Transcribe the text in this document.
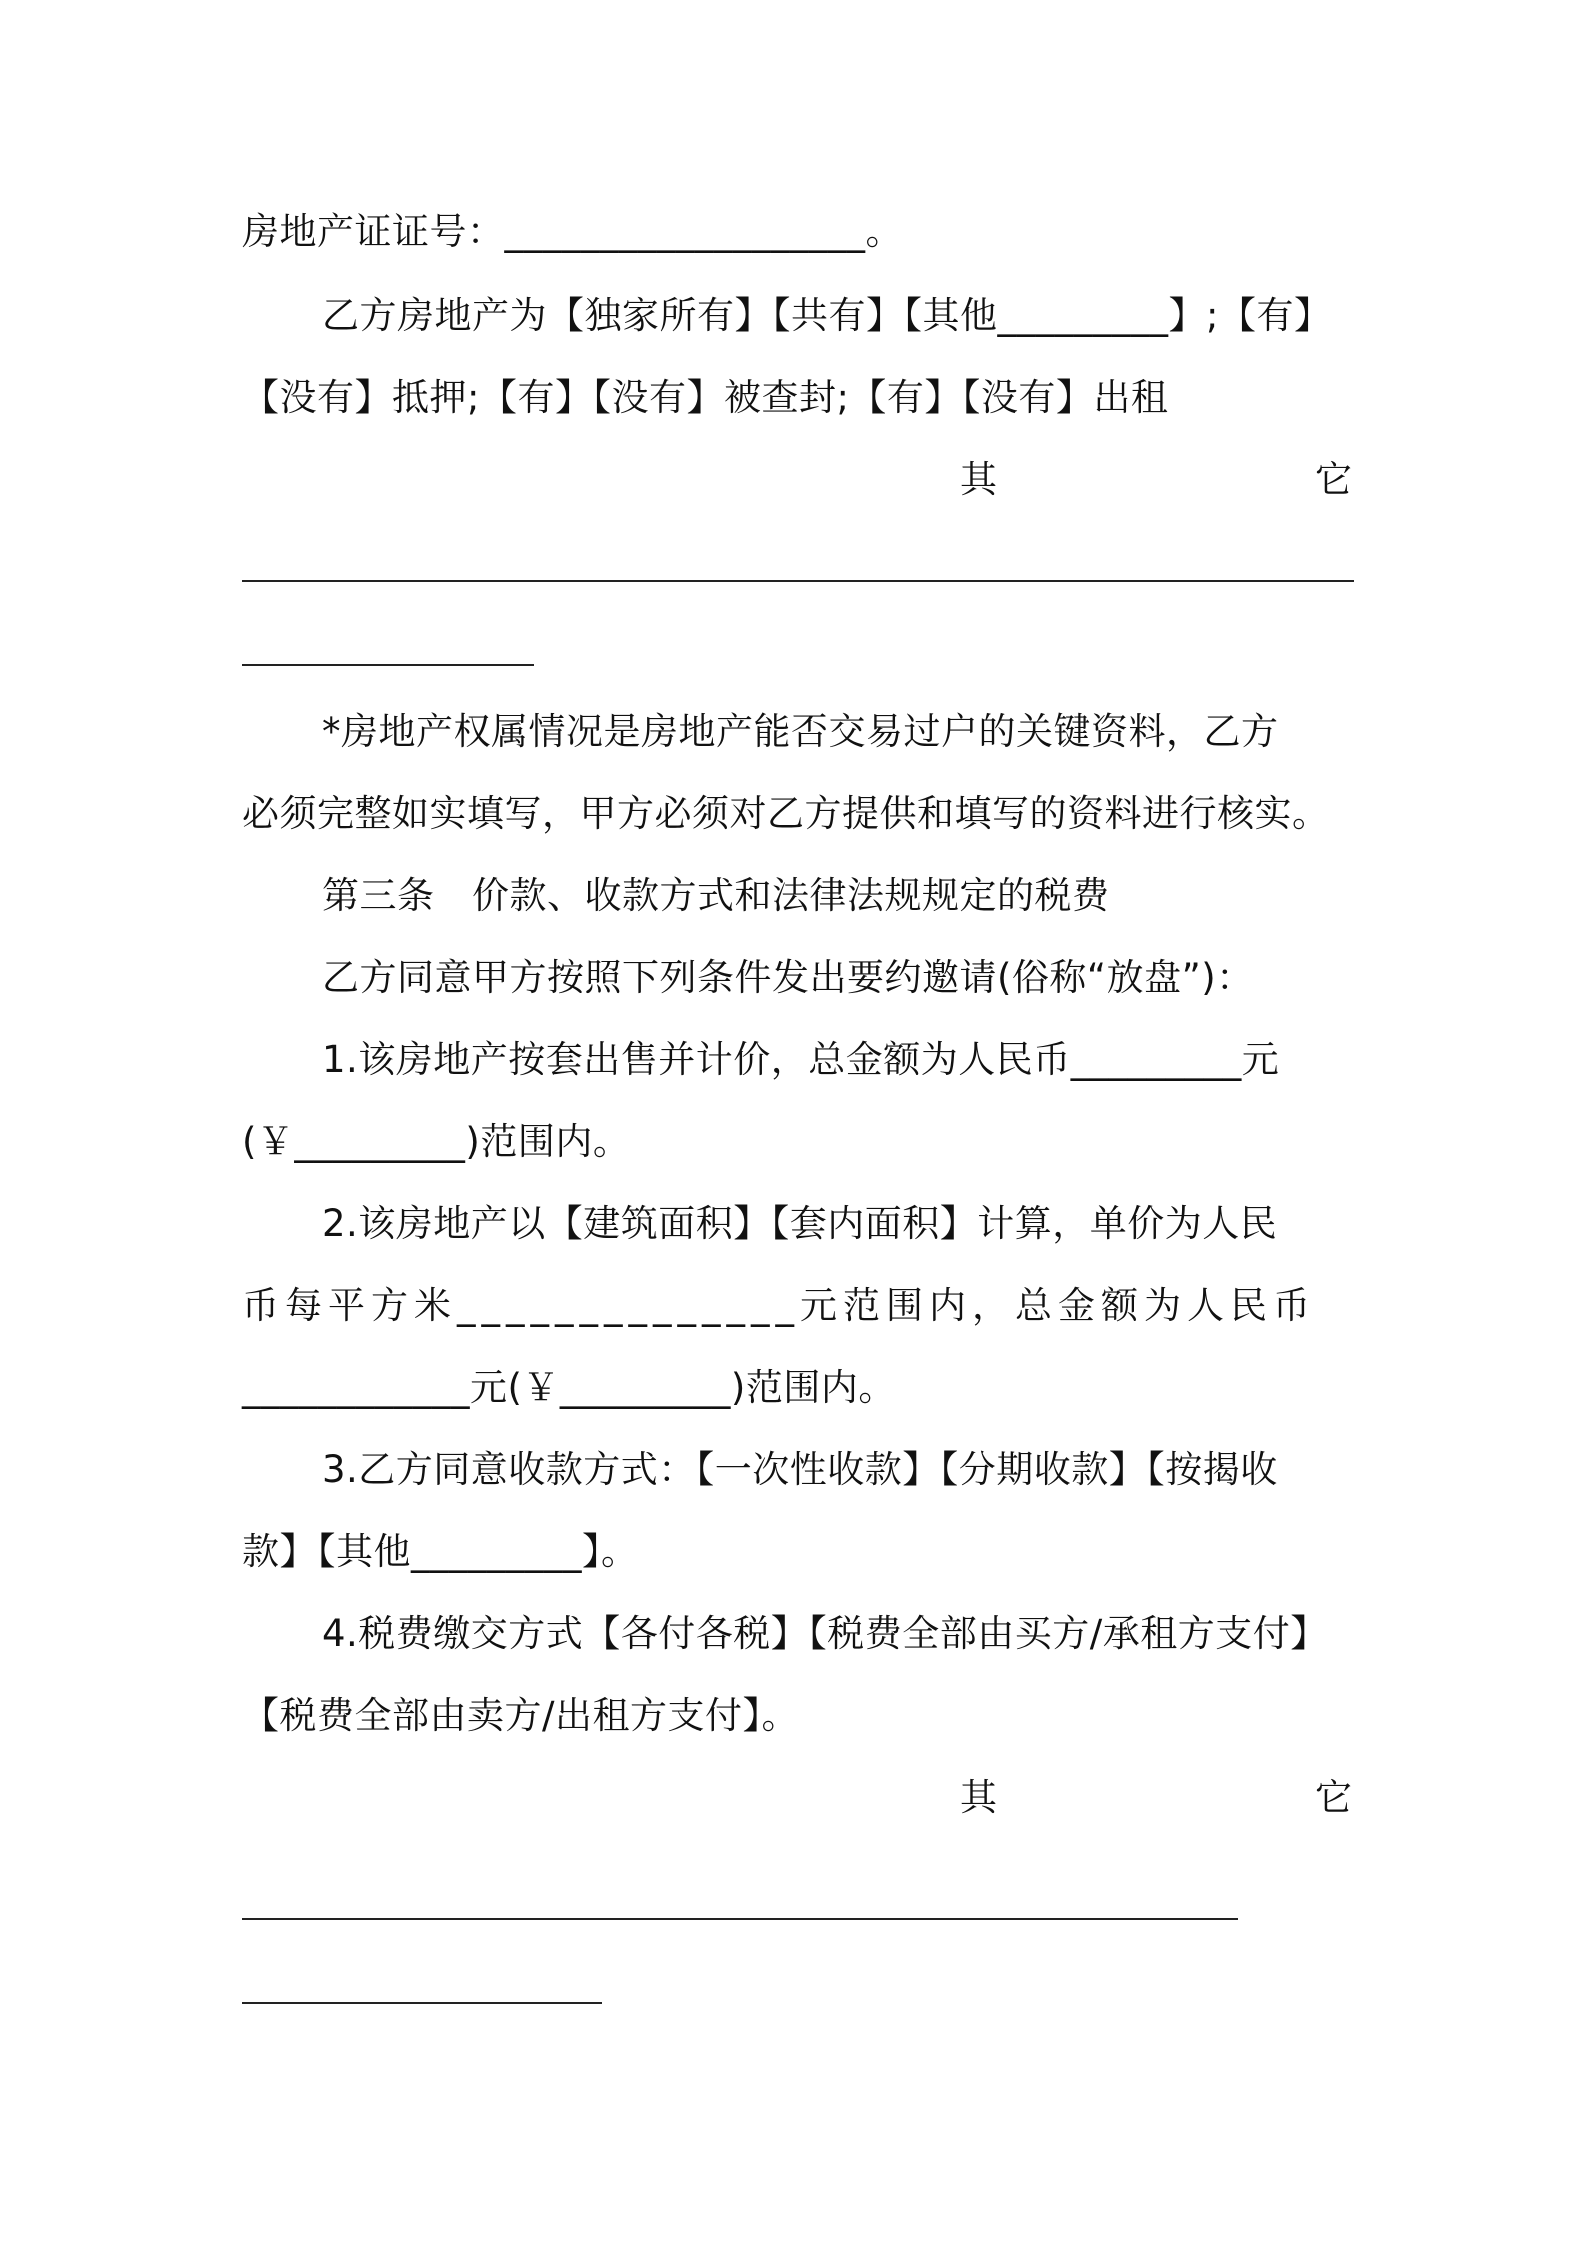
房地产证证号：___________________。
乙方房地产为【独家所有】【共有】【其他_________】;【有】
【没有】抵押;【有】【没有】被查封;【有】【没有】出租
其	它
*房地产权属情况是房地产能否交易过户的关键资料，乙方
必须完整如实填写，甲方必须对乙方提供和填写的资料进行核实。
第三条　价款、收款方式和法律法规规定的税费
乙方同意甲方按照下列条件发出要约邀请(俗称“放盘”)：
1.该房地产按套出售并计价，总金额为人民币_________元
(￥_________)范围内。
2.该房地产以【建筑面积】【套内面积】计算，单价为人民
币每平方米______________元范围内，总金额为人民币
____________元(￥_________)范围内。
3.乙方同意收款方式：【一次性收款】【分期收款】【按揭收
款】【其他_________】。
4.税费缴交方式【各付各税】【税费全部由买方/承租方支付】
【税费全部由卖方/出租方支付】。
其	它
